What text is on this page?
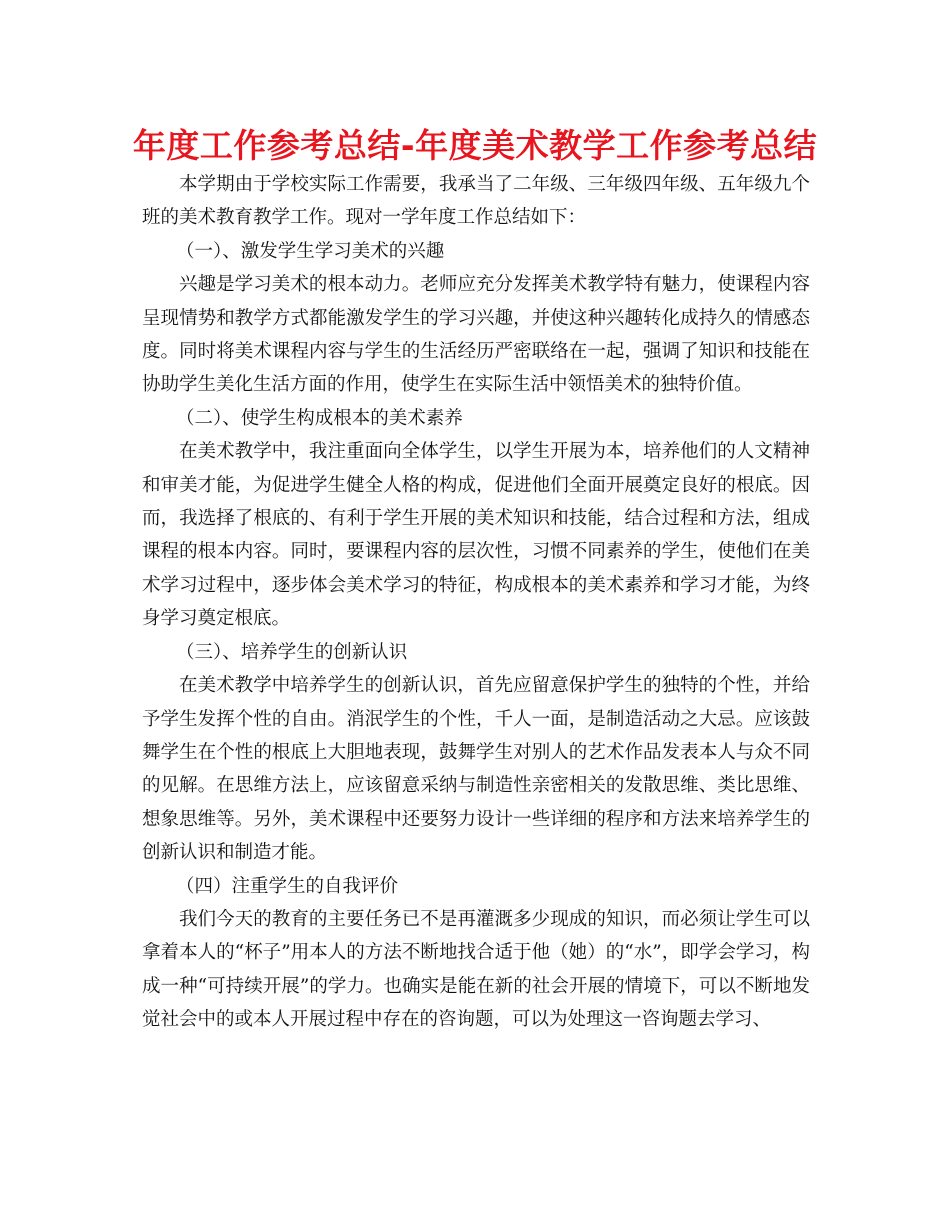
年度工作参考总结-年度美术教学工作参考总结

本学期由于学校实际工作需要，我承当了二年级、三年级四年级、五年级九个班的美术教育教学工作。现对一学年度工作总结如下：

（一）、激发学生学习美术的兴趣

兴趣是学习美术的根本动力。老师应充分发挥美术教学特有魅力，使课程内容呈现情势和教学方式都能激发学生的学习兴趣，并使这种兴趣转化成持久的情感态度。同时将美术课程内容与学生的生活经历严密联络在一起，强调了知识和技能在协助学生美化生活方面的作用，使学生在实际生活中领悟美术的独特价值。

（二）、使学生构成根本的美术素养

在美术教学中，我注重面向全体学生，以学生开展为本，培养他们的人文精神和审美才能，为促进学生健全人格的构成，促进他们全面开展奠定良好的根底。因而，我选择了根底的、有利于学生开展的美术知识和技能，结合过程和方法，组成课程的根本内容。同时，要课程内容的层次性，习惯不同素养的学生，使他们在美术学习过程中，逐步体会美术学习的特征，构成根本的美术素养和学习才能，为终身学习奠定根底。

（三）、培养学生的创新认识

在美术教学中培养学生的创新认识，首先应留意保护学生的独特的个性，并给予学生发挥个性的自由。消泯学生的个性，千人一面，是制造活动之大忌。应该鼓舞学生在个性的根底上大胆地表现，鼓舞学生对别人的艺术作品发表本人与众不同的见解。在思维方法上，应该留意采纳与制造性亲密相关的发散思维、类比思维、想象思维等。另外，美术课程中还要努力设计一些详细的程序和方法来培养学生的创新认识和制造才能。

（四）注重学生的自我评价

我们今天的教育的主要任务已不是再灌溉多少现成的知识，而必须让学生可以拿着本人的“杯子”用本人的方法不断地找合适于他（她）的“水”，即学会学习，构成一种“可持续开展”的学力。也确实是能在新的社会开展的情境下，可以不断地发觉社会中的或本人开展过程中存在的咨询题，可以为处理这一咨询题去学习、
